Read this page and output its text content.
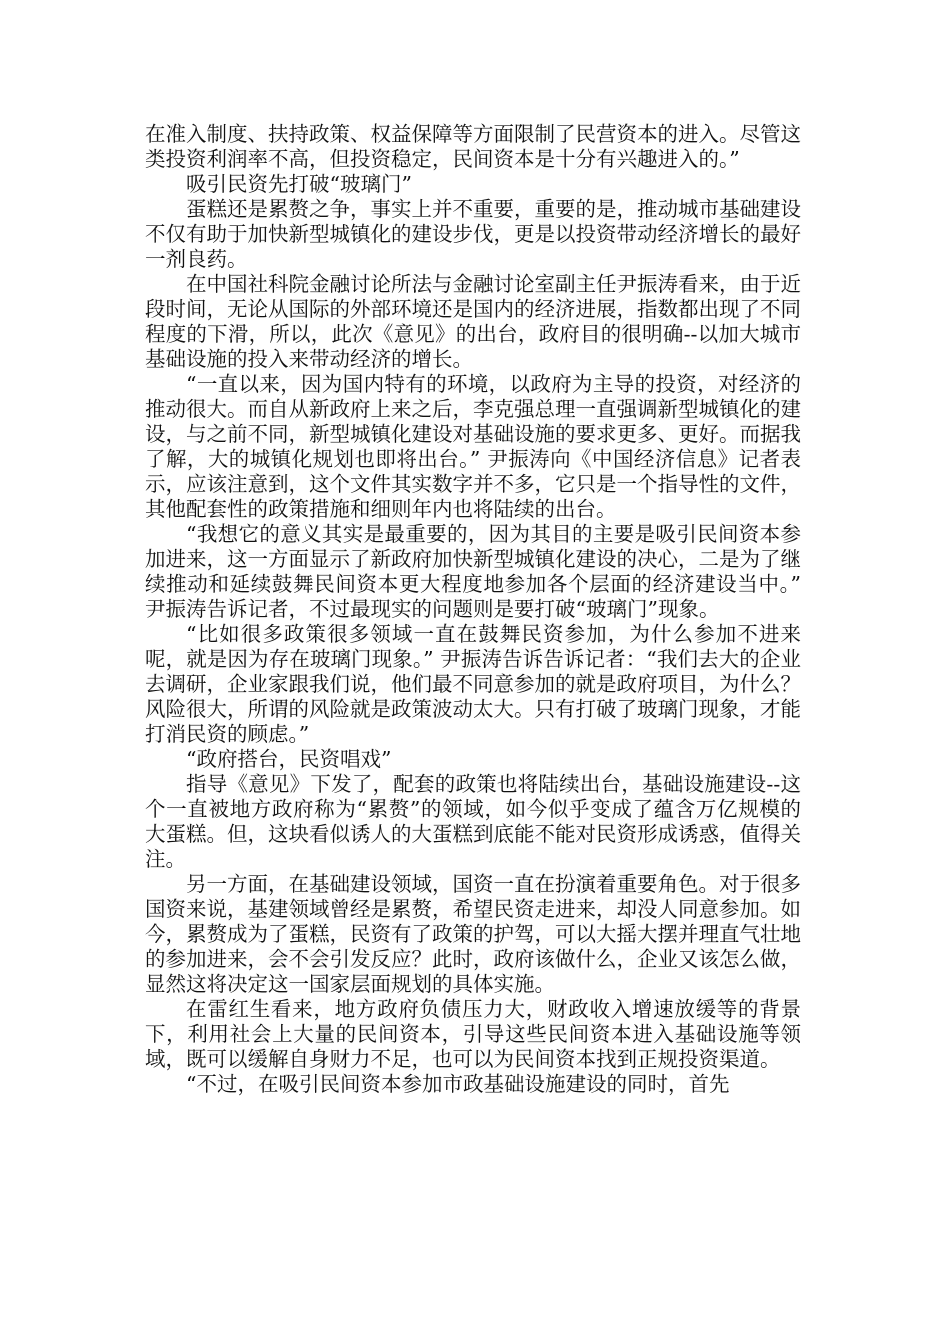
在准入制度、扶持政策、权益保障等方面限制了民营资本的进入。尽管这类投资利润率不高，但投资稳定，民间资本是十分有兴趣进入的。”

吸引民资先打破“玻璃门”

蛋糕还是累赘之争，事实上并不重要，重要的是，推动城市基础建设不仅有助于加快新型城镇化的建设步伐，更是以投资带动经济增长的最好一剂良药。

在中国社科院金融讨论所法与金融讨论室副主任尹振涛看来，由于近段时间，无论从国际的外部环境还是国内的经济进展，指数都出现了不同程度的下滑，所以，此次《意见》的出台，政府目的很明确--以加大城市基础设施的投入来带动经济的增长。

“一直以来，因为国内特有的环境，以政府为主导的投资，对经济的推动很大。而自从新政府上来之后，李克强总理一直强调新型城镇化的建设，与之前不同，新型城镇化建设对基础设施的要求更多、更好。而据我了解，大的城镇化规划也即将出台。” 尹振涛向《中国经济信息》记者表示，应该注意到，这个文件其实数字并不多，它只是一个指导性的文件，其他配套性的政策措施和细则年内也将陆续的出台。

“我想它的意义其实是最重要的，因为其目的主要是吸引民间资本参加进来，这一方面显示了新政府加快新型城镇化建设的决心，二是为了继续推动和延续鼓舞民间资本更大程度地参加各个层面的经济建设当中。” 尹振涛告诉记者，不过最现实的问题则是要打破“玻璃门”现象。

“比如很多政策很多领域一直在鼓舞民资参加，为什么参加不进来呢，就是因为存在玻璃门现象。” 尹振涛告诉告诉记者：“我们去大的企业去调研，企业家跟我们说，他们最不同意参加的就是政府项目，为什么？风险很大，所谓的风险就是政策波动太大。只有打破了玻璃门现象，才能打消民资的顾虑。”

“政府搭台，民资唱戏”

指导《意见》下发了，配套的政策也将陆续出台，基础设施建设--这个一直被地方政府称为“累赘”的领域，如今似乎变成了蕴含万亿规模的大蛋糕。但，这块看似诱人的大蛋糕到底能不能对民资形成诱惑，值得关注。

另一方面，在基础建设领域，国资一直在扮演着重要角色。对于很多国资来说，基建领域曾经是累赘，希望民资走进来，却没人同意参加。如今，累赘成为了蛋糕，民资有了政策的护驾，可以大摇大摆并理直气壮地的参加进来，会不会引发反应？此时，政府该做什么，企业又该怎么做，显然这将决定这一国家层面规划的具体实施。

在雷红生看来，地方政府负债压力大，财政收入增速放缓等的背景下，利用社会上大量的民间资本，引导这些民间资本进入基础设施等领域，既可以缓解自身财力不足，也可以为民间资本找到正规投资渠道。

“不过，在吸引民间资本参加市政基础设施建设的同时，首先
